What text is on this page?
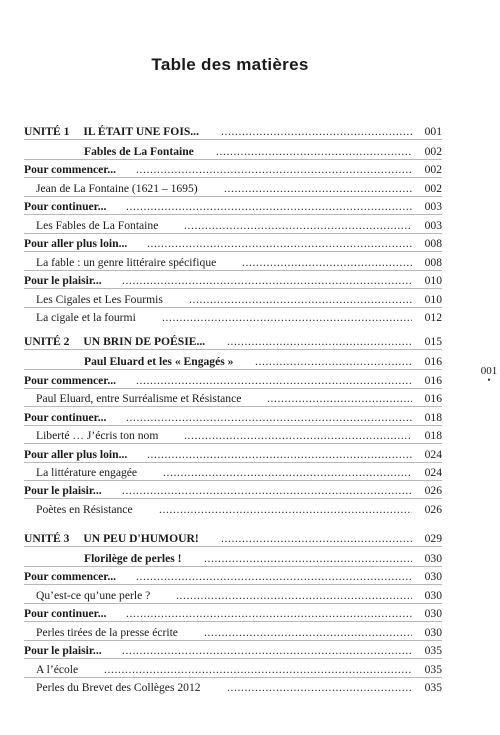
Table des matières
UNITÉ 1 IL ÉTAIT UNE FOIS... .....	001
Fables de La Fontaine .....	002
Pour commencer... .....	002
Jean de La Fontaine (1621 – 1695) .....	002
Pour continuer... .....	003
Les Fables de La Fontaine .....	003
Pour aller plus loin... .....	008
La fable : un genre littéraire spécifique .....	008
Pour le plaisir... .....	010
Les Cigales et Les Fourmis .....	010
La cigale et la fourmi .....	012
UNITÉ 2 UN BRIN DE POÉSIE... .....	015
Paul Eluard et les « Engagés » .....	016
Pour commencer... .....	016
Paul Eluard, entre Surréalisme et Résistance .....	016
Pour continuer... .....	018
Liberté … J’écris ton nom .....	018
Pour aller plus loin... .....	024
La littérature engagée .....	024
Pour le plaisir... .....	026
Poètes en Résistance .....	026
UNITÉ 3 UN PEU D'HUMOUR! .....	029
Florilège de perles ! .....	030
Pour commencer... .....	030
Qu’est-ce qu’une perle ? .....	030
Pour continuer... .....	030
Perles tirées de la presse écrite .....	030
Pour le plaisir... .....	035
A l’école .....	035
Perles du Brevet des Collèges 2012 .....	035
001
•
